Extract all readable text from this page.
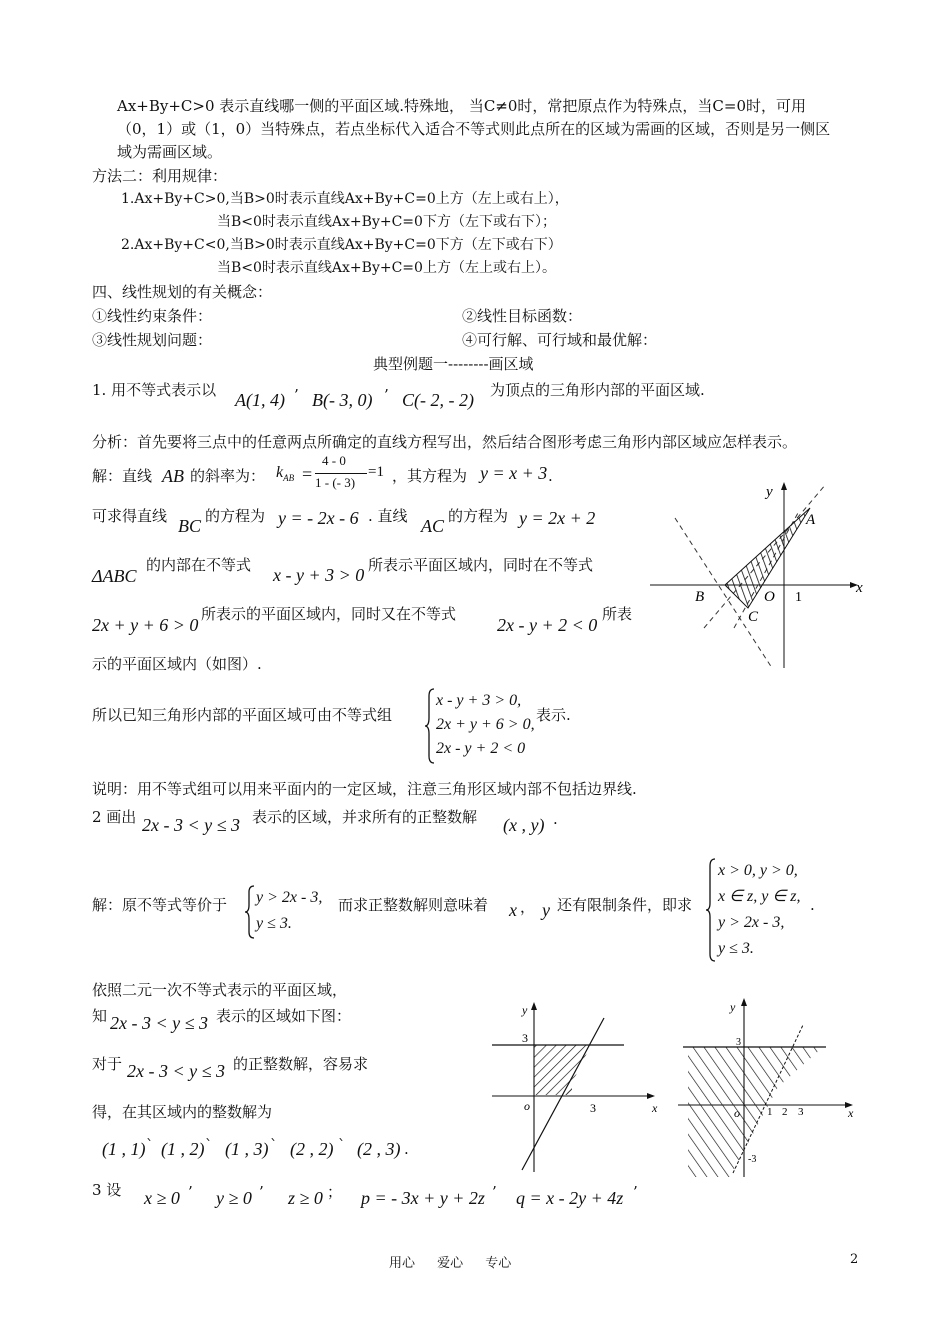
Ax+By+C>0 表示直线哪一侧的平面区域.特殊地， 当C≠0时，常把原点作为特殊点，当C=0时，可用
（0，1）或（1，0）当特殊点，若点坐标代入适合不等式则此点所在的区域为需画的区域，否则是另一侧区
域为需画区域。
方法二：利用规律：
1.Ax+By+C>0,当B>0时表示直线Ax+By+C=0上方（左上或右上），
当B<0时表示直线Ax+By+C=0下方（左下或右下）；
2.Ax+By+C<0,当B>0时表示直线Ax+By+C=0下方（左下或右下）
当B<0时表示直线Ax+By+C=0上方（左上或右上）。
四、线性规划的有关概念：
①线性约束条件：	②线性目标函数：
③线性规划问题：	④可行解、可行域和最优解：
典型例题一--------画区域
1. 用不等式表示以 A(1, 4) ’ B(- 3, 0) ’ C(- 2, - 2) 为顶点的三角形内部的平面区域.
分析：首先要将三点中的任意两点所确定的直线方程写出，然后结合图形考虑三角形内部区域应怎样表示。
解：直线 AB 的斜率为： $k_{AB}$ =
4 - 0
1 - (- 3)
=1 ，其方程为 y = x + 3 .
可求得直线 BC 的方程为 y = - 2x - 6 . 直线 AC 的方程为 y = 2x + 2
ΔABC
的内部在不等式 x - y + 3 > 0 所表示平面区域内，同时在不等式
2x + y + 6 > 0
所表示的平面区域内，同时又在不等式
2x - y + 2 < 0
所表
示的平面区域内（如图）.
所以已知三角形内部的平面区域可由不等式组
x - y + 3 > 0,
2x + y + 6 > 0,
2x - y + 2 < 0
表示.
说明：用不等式组可以用来平面内的一定区域，注意三角形区域内部不包括边界线.
y
x
A
B	O 1
C
2 画出 2x - 3 < y ≤ 3 表示的区域，并求所有的正整数解 (x , y) .
解：原不等式等价于 y > 2x - 3,
y ≤ 3.
而求正整数解则意味着 x ， y 还有限制条件，即求
x > 0, y > 0,
x ∈ z, y ∈ z,
y > 2x - 3,
y ≤ 3.
.
依照二元一次不等式表示的平面区域，
知 2x - 3 < y ≤ 3 表示的区域如下图：
对于 2x - 3 < y ≤ 3 的正整数解，容易求
得，在其区域内的整数解为
(1 , 1) ` (1 , 2) ` (1 , 3) ` (2 , 2) ` (2 , 3) .
y
3
o	3	x
y
3
o 1 2 3	x
-3
3 设 x ≥ 0 ’ y ≥ 0 ’ z ≥ 0 ； p = - 3x + y + 2z ’ q = x - 2y + 4z ’
用心 爱心 专心	2
